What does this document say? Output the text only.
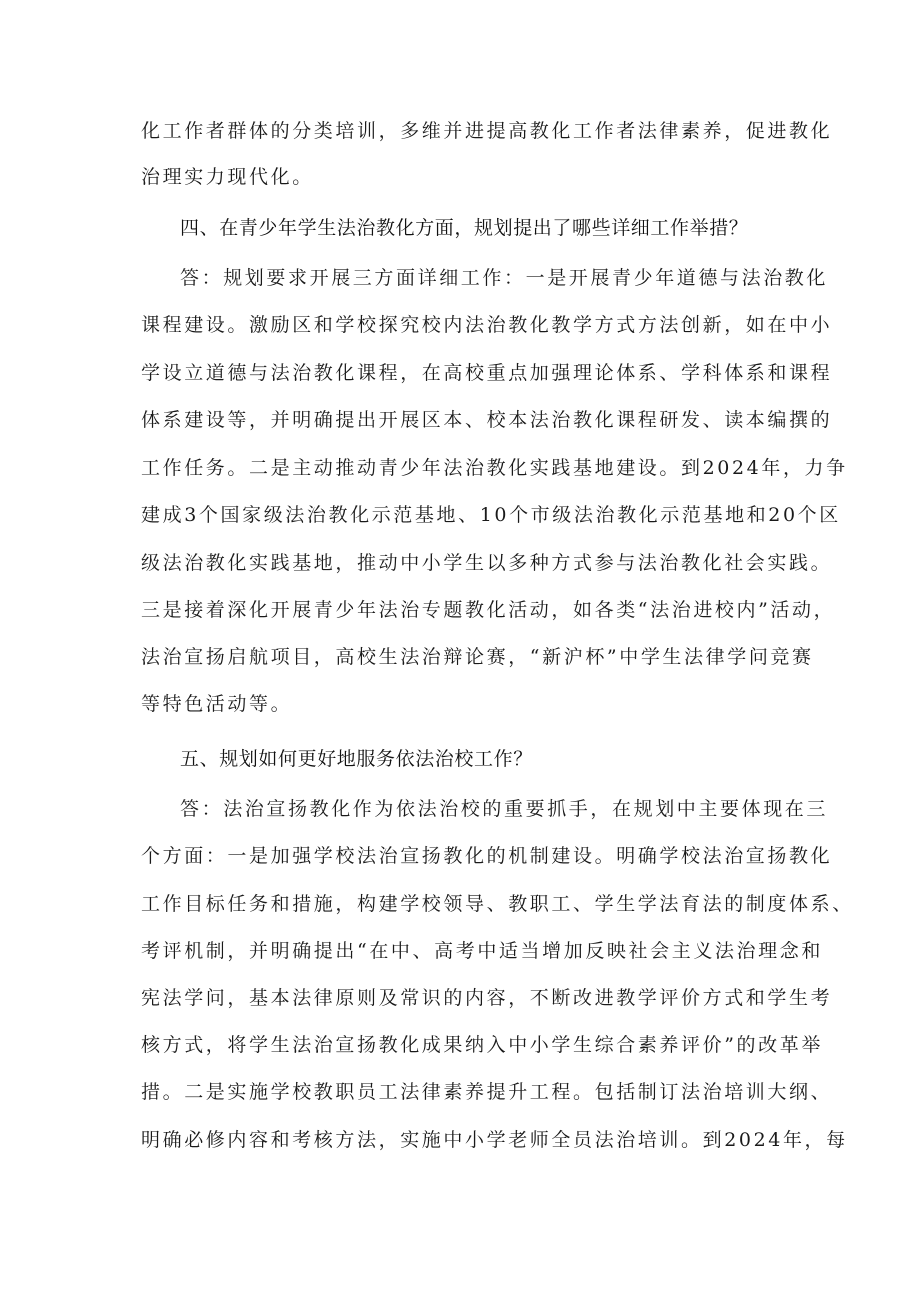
化工作者群体的分类培训，多维并进提高教化工作者法律素养，促进教化
治理实力现代化。
四、在青少年学生法治教化方面，规划提出了哪些详细工作举措？
答：规划要求开展三方面详细工作：一是开展青少年道德与法治教化
课程建设。激励区和学校探究校内法治教化教学方式方法创新，如在中小
学设立道德与法治教化课程，在高校重点加强理论体系、学科体系和课程
体系建设等，并明确提出开展区本、校本法治教化课程研发、读本编撰的
工作任务。二是主动推动青少年法治教化实践基地建设。到2024年，力争
建成3个国家级法治教化示范基地、10个市级法治教化示范基地和20个区
级法治教化实践基地，推动中小学生以多种方式参与法治教化社会实践。
三是接着深化开展青少年法治专题教化活动，如各类“法治进校内”活动，
法治宣扬启航项目，高校生法治辩论赛，“新沪杯”中学生法律学问竞赛
等特色活动等。
五、规划如何更好地服务依法治校工作？
答：法治宣扬教化作为依法治校的重要抓手，在规划中主要体现在三
个方面：一是加强学校法治宣扬教化的机制建设。明确学校法治宣扬教化
工作目标任务和措施，构建学校领导、教职工、学生学法育法的制度体系、
考评机制，并明确提出“在中、高考中适当增加反映社会主义法治理念和
宪法学问，基本法律原则及常识的内容，不断改进教学评价方式和学生考
核方式，将学生法治宣扬教化成果纳入中小学生综合素养评价”的改革举
措。二是实施学校教职员工法律素养提升工程。包括制订法治培训大纲、
明确必修内容和考核方法，实施中小学老师全员法治培训。到2024年，每
